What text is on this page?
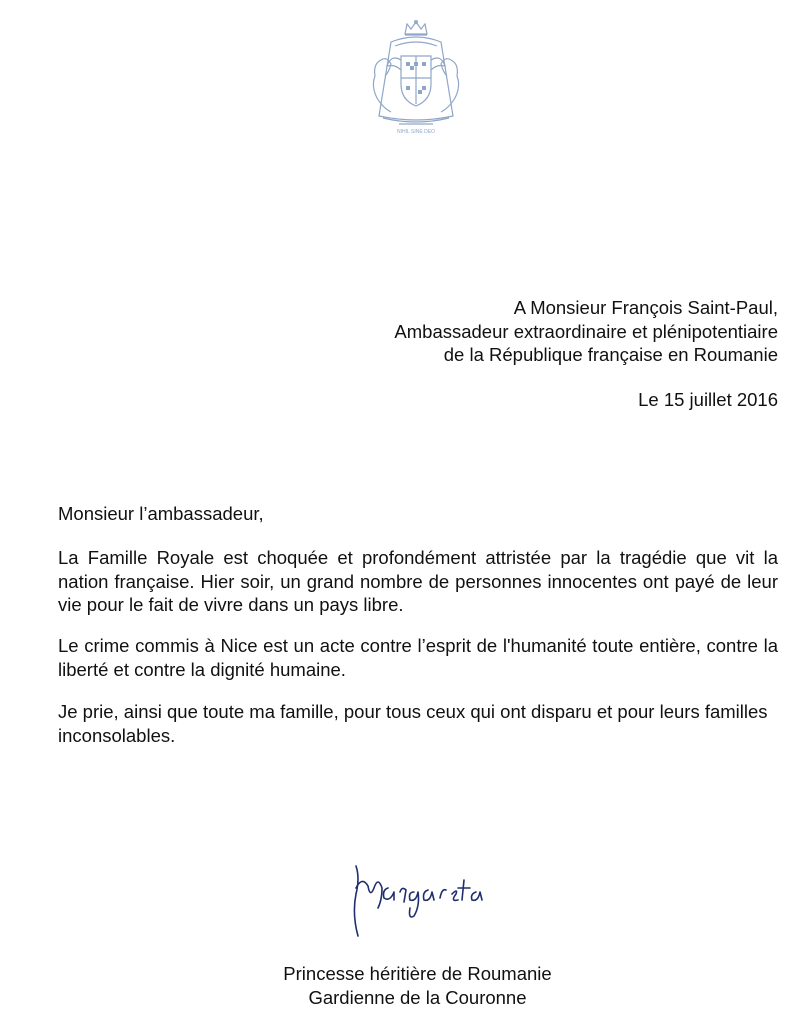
NIHIL SINE DEO
A Monsieur François Saint-Paul,
Ambassadeur extraordinaire et plénipotentiaire
de la République française en Roumanie
Le 15 juillet 2016
Monsieur l’ambassadeur,
La Famille Royale est choquée et profondément attristée par la tragédie que vit la nation française. Hier soir, un grand nombre de personnes innocentes ont payé de leur vie pour le fait de vivre dans un pays libre.
Le crime commis à Nice est un acte contre l’esprit de l'humanité toute entière, contre la liberté et contre la dignité humaine.
Je prie, ainsi que toute ma famille, pour tous ceux qui ont disparu et pour leurs familles inconsolables.
Princesse héritière de Roumanie
Gardienne de la Couronne
